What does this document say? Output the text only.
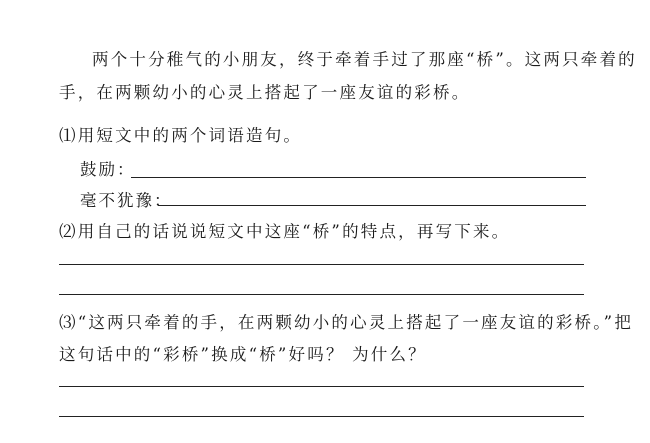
两个十分稚气的小朋友，终于牵着手过了那座“桥”。这两只牵着的
手，在两颗幼小的心灵上搭起了一座友谊的彩桥。
⑴用短文中的两个词语造句。
鼓励：
毫不犹豫：
⑵用自己的话说说短文中这座“桥”的特点，再写下来。
⑶“这两只牵着的手，在两颗幼小的心灵上搭起了一座友谊的彩桥。”把
这句话中的“彩桥”换成“桥”好吗？ 为什么？
